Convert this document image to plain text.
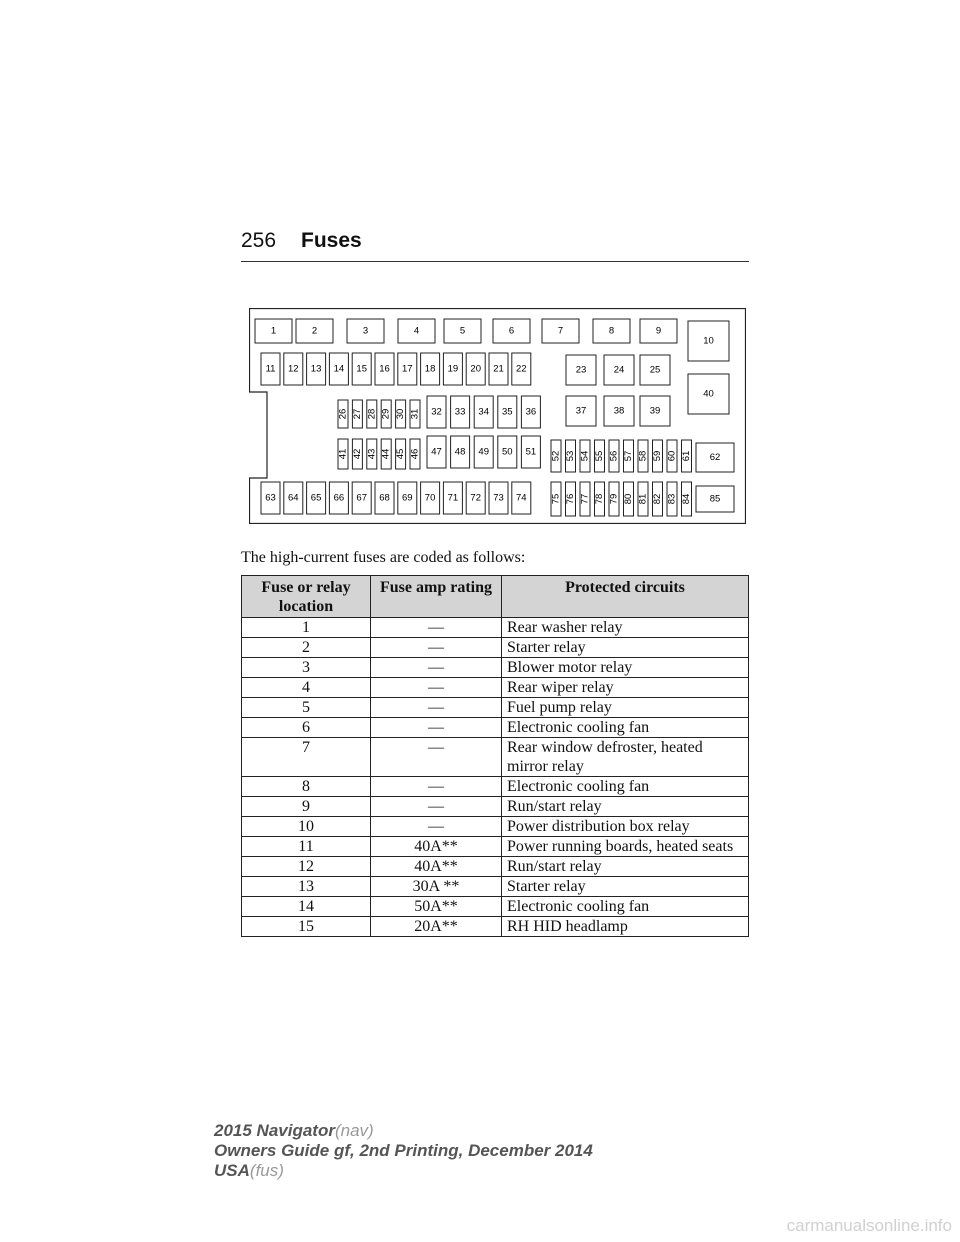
256 Fuses
1	2	3	4	5	6	7	8	9
10
11 12 13 14 15 16 17 18 19 20 21 22	23	24	25
40
26 27 28 29 30 31 32 33 34 35 36	37	38	39
41 42 43 44 45 46 47 48 49 50 51 52 53 54 55 56 57 58 59 60 61 62
63 64 65 66 67 68 69 70 71 72 73 74	75 76 77 78 79 80 81 82 83 84 85
The high-current fuses are coded as follows:
Fuse or relay location	Fuse amp rating	Protected circuits
1	—	Rear washer relay
2	—	Starter relay
3	—	Blower motor relay
4	—	Rear wiper relay
5	—	Fuel pump relay
6	—	Electronic cooling fan
7	—	Rear window defroster, heated mirror relay
8	—	Electronic cooling fan
9	—	Run/start relay
10	—	Power distribution box relay
11	40A**	Power running boards, heated seats
12	40A**	Run/start relay
13	30A **	Starter relay
14	50A**	Electronic cooling fan
15	20A**	RH HID headlamp
2015 Navigator(nav)
Owners Guide gf, 2nd Printing, December 2014
USA(fus)
carmanualsonline.info
